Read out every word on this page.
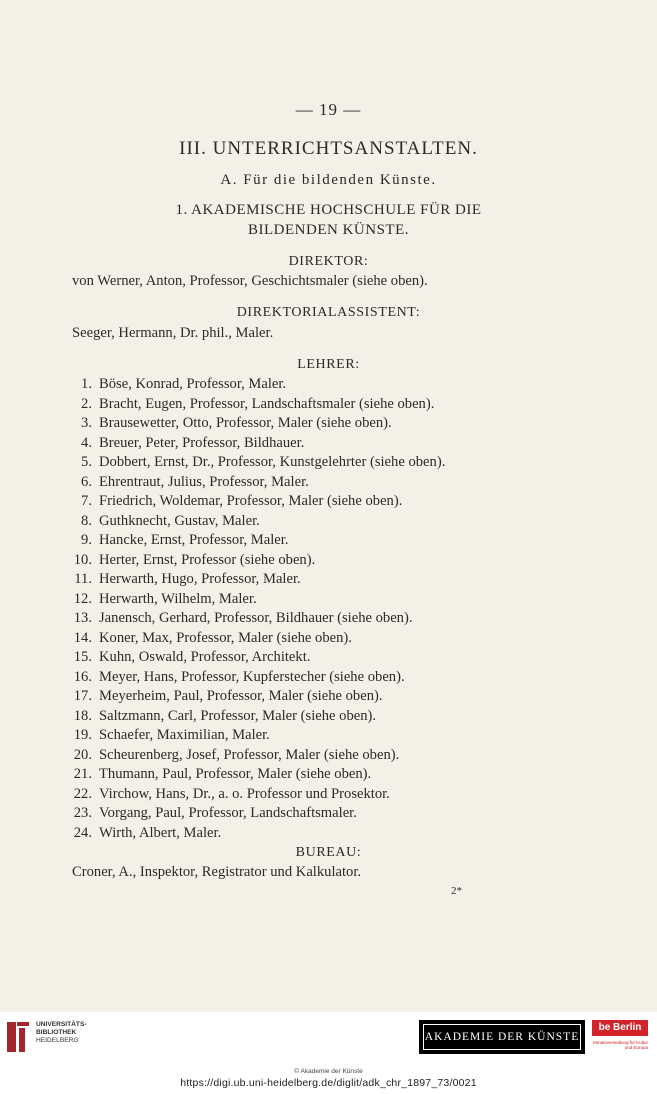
— 19 —
III. UNTERRICHTSANSTALTEN.
A. Für die bildenden Künste.
1. AKADEMISCHE HOCHSCHULE FÜR DIE
BILDENDEN KÜNSTE.
DIREKTOR:
von Werner, Anton, Professor, Geschichtsmaler (siehe oben).
DIREKTORIALASSISTENT:
Seeger, Hermann, Dr. phil., Maler.
LEHRER:
BUREAU:
Croner, A., Inspektor, Registrator und Kalkulator.
2*
1. Böse, Konrad, Professor, Maler.
2. Bracht, Eugen, Professor, Landschaftsmaler (siehe oben).
3. Brausewetter, Otto, Professor, Maler (siehe oben).
4. Breuer, Peter, Professor, Bildhauer.
5. Dobbert, Ernst, Dr., Professor, Kunstgelehrter (siehe oben).
6. Ehrentraut, Julius, Professor, Maler.
7. Friedrich, Woldemar, Professor, Maler (siehe oben).
8. Guthknecht, Gustav, Maler.
9. Hancke, Ernst, Professor, Maler.
10. Herter, Ernst, Professor (siehe oben).
11. Herwarth, Hugo, Professor, Maler.
12. Herwarth, Wilhelm, Maler.
13. Janensch, Gerhard, Professor, Bildhauer (siehe oben).
14. Koner, Max, Professor, Maler (siehe oben).
15. Kuhn, Oswald, Professor, Architekt.
16. Meyer, Hans, Professor, Kupferstecher (siehe oben).
17. Meyerheim, Paul, Professor, Maler (siehe oben).
18. Saltzmann, Carl, Professor, Maler (siehe oben).
19. Schaefer, Maximilian, Maler.
20. Scheurenberg, Josef, Professor, Maler (siehe oben).
21. Thumann, Paul, Professor, Maler (siehe oben).
22. Virchow, Hans, Dr., a. o. Professor und Prosektor.
23. Vorgang, Paul, Professor, Landschaftsmaler.
24. Wirth, Albert, Maler.
UNIVERSITÄTS-
BIBLIOTHEK
HEIDELBERG	AKADEMIE DER KÜNSTE
be Berlin
Senatsverwaltung für Kultur und Europa
© Akademie der Künste
https://digi.ub.uni-heidelberg.de/diglit/adk_chr_1897_73/0021
